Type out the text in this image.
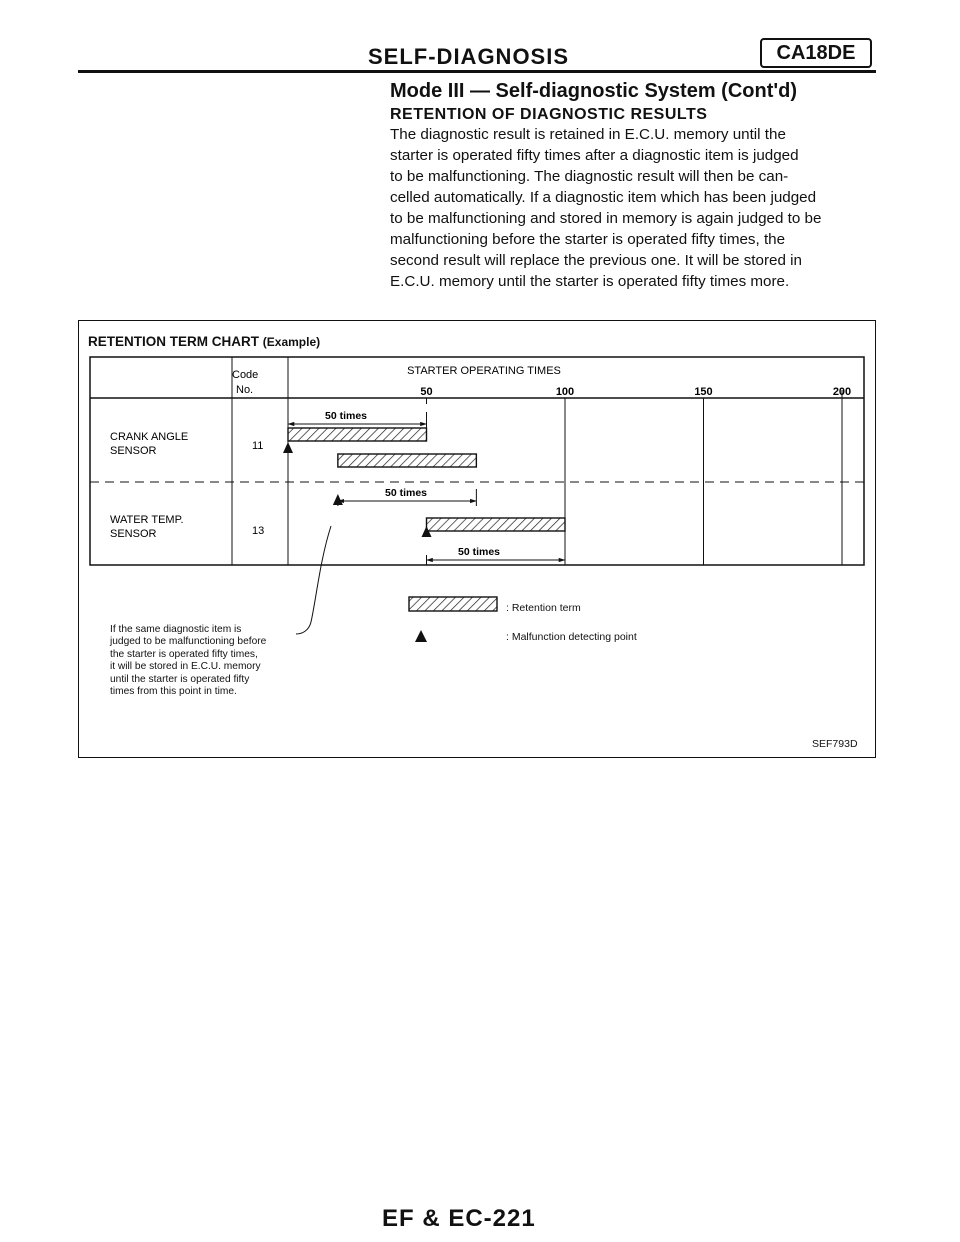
SELF-DIAGNOSIS	CA18DE
Mode III — Self-diagnostic System (Cont'd)
RETENTION OF DIAGNOSTIC RESULTS
The diagnostic result is retained in E.C.U. memory until the
starter is operated fifty times after a diagnostic item is judged
to be malfunctioning. The diagnostic result will then be can-
celled automatically. If a diagnostic item which has been judged
to be malfunctioning and stored in memory is again judged to be
malfunctioning before the starter is operated fifty times, the
second result will replace the previous one. It will be stored in
E.C.U. memory until the starter is operated fifty times more.
RETENTION TERM CHART (Example)
Code
No.
STARTER OPERATING TIMES
50	100	150	200
CRANK ANGLE
SENSOR	11
WATER TEMP.
SENSOR	13
50 times
50 times
50 times
If the same diagnostic item is
judged to be malfunctioning before
the starter is operated fifty times,
it will be stored in E.C.U. memory
until the starter is operated fifty
times from this point in time.
: Retention term
: Malfunction detecting point
SEF793D
EF & EC-221
